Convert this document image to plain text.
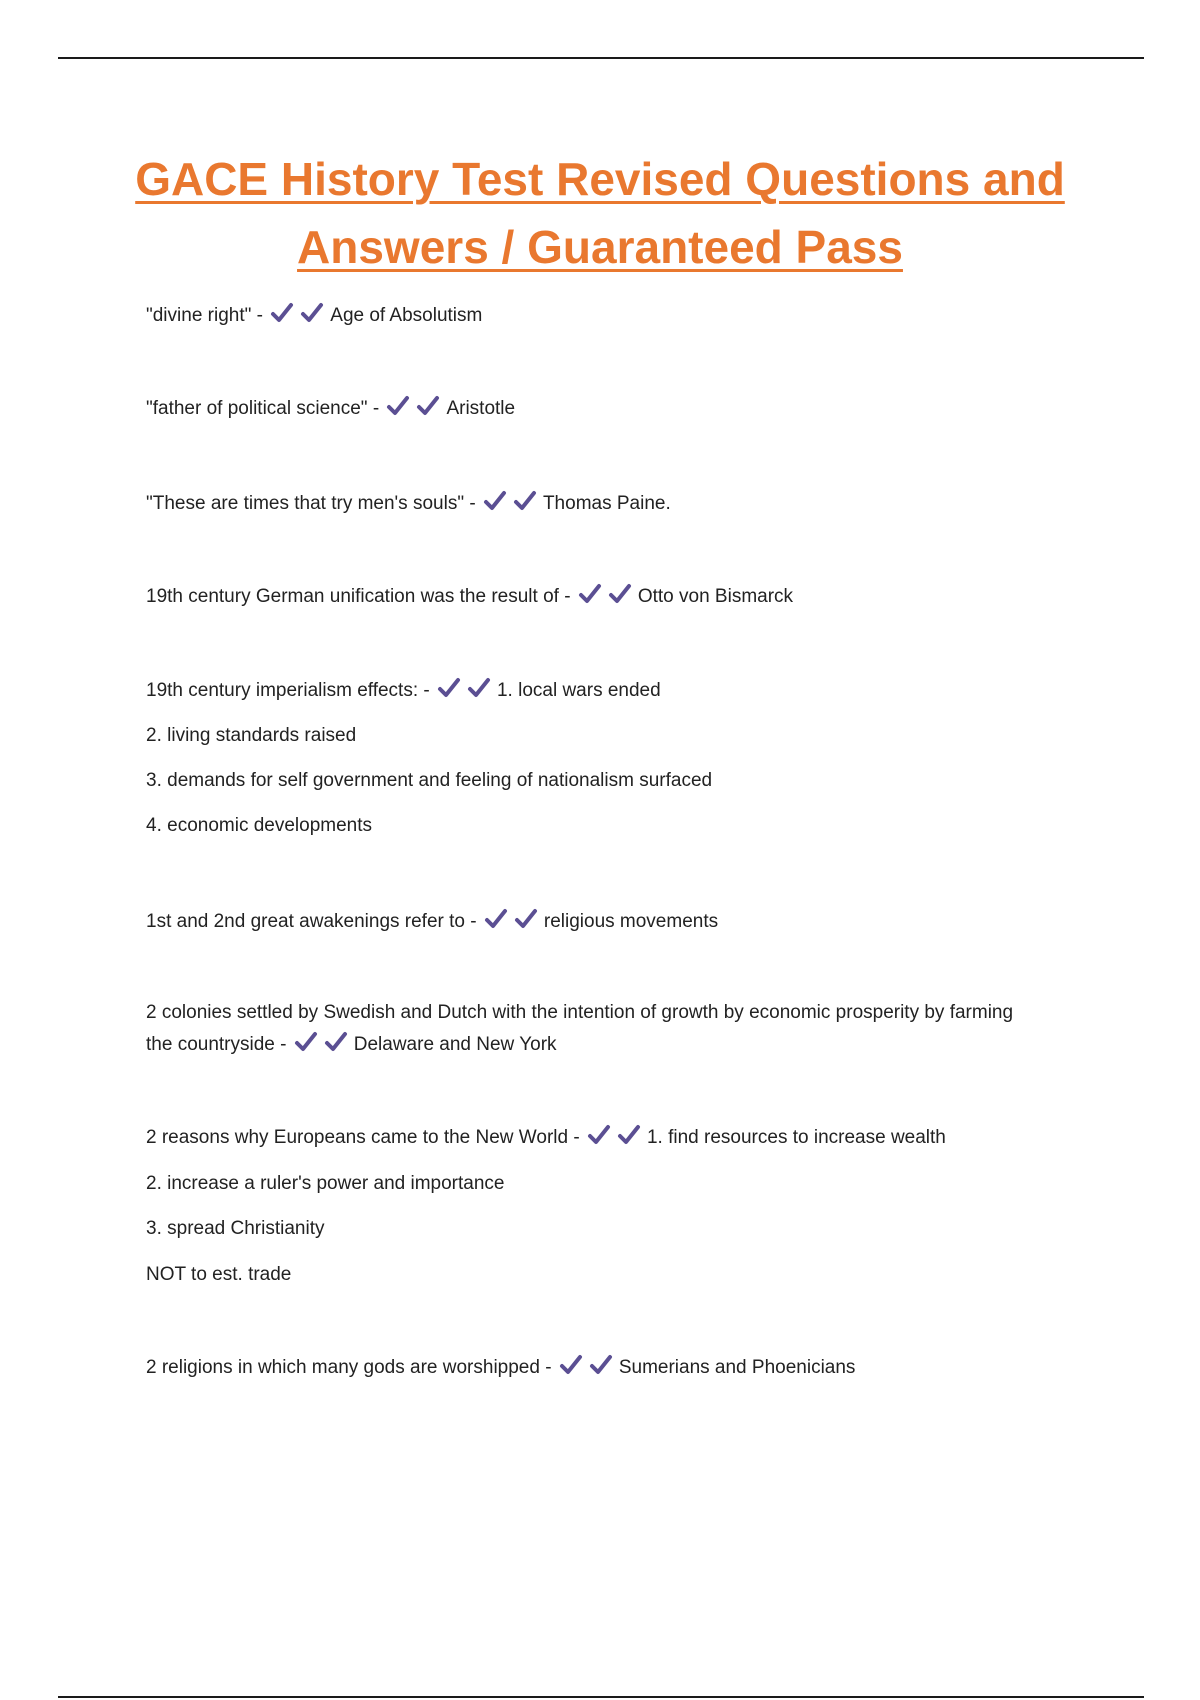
GACE History Test Revised Questions and
Answers / Guaranteed Pass
"divine right" -	Age of Absolutism
"father of political science" -	Aristotle
"These are times that try men's souls" -	Thomas Paine.
19th century German unification was the result of -	Otto von Bismarck
19th century imperialism effects: -	1. local wars ended
2. living standards raised
3. demands for self government and feeling of nationalism surfaced
4. economic developments
1st and 2nd great awakenings refer to -	religious movements
2 colonies settled by Swedish and Dutch with the intention of growth by economic prosperity by farming
the countryside -	Delaware and New York
2 reasons why Europeans came to the New World -	1. find resources to increase wealth
2. increase a ruler's power and importance
3. spread Christianity
NOT to est. trade
2 religions in which many gods are worshipped -	Sumerians and Phoenicians
